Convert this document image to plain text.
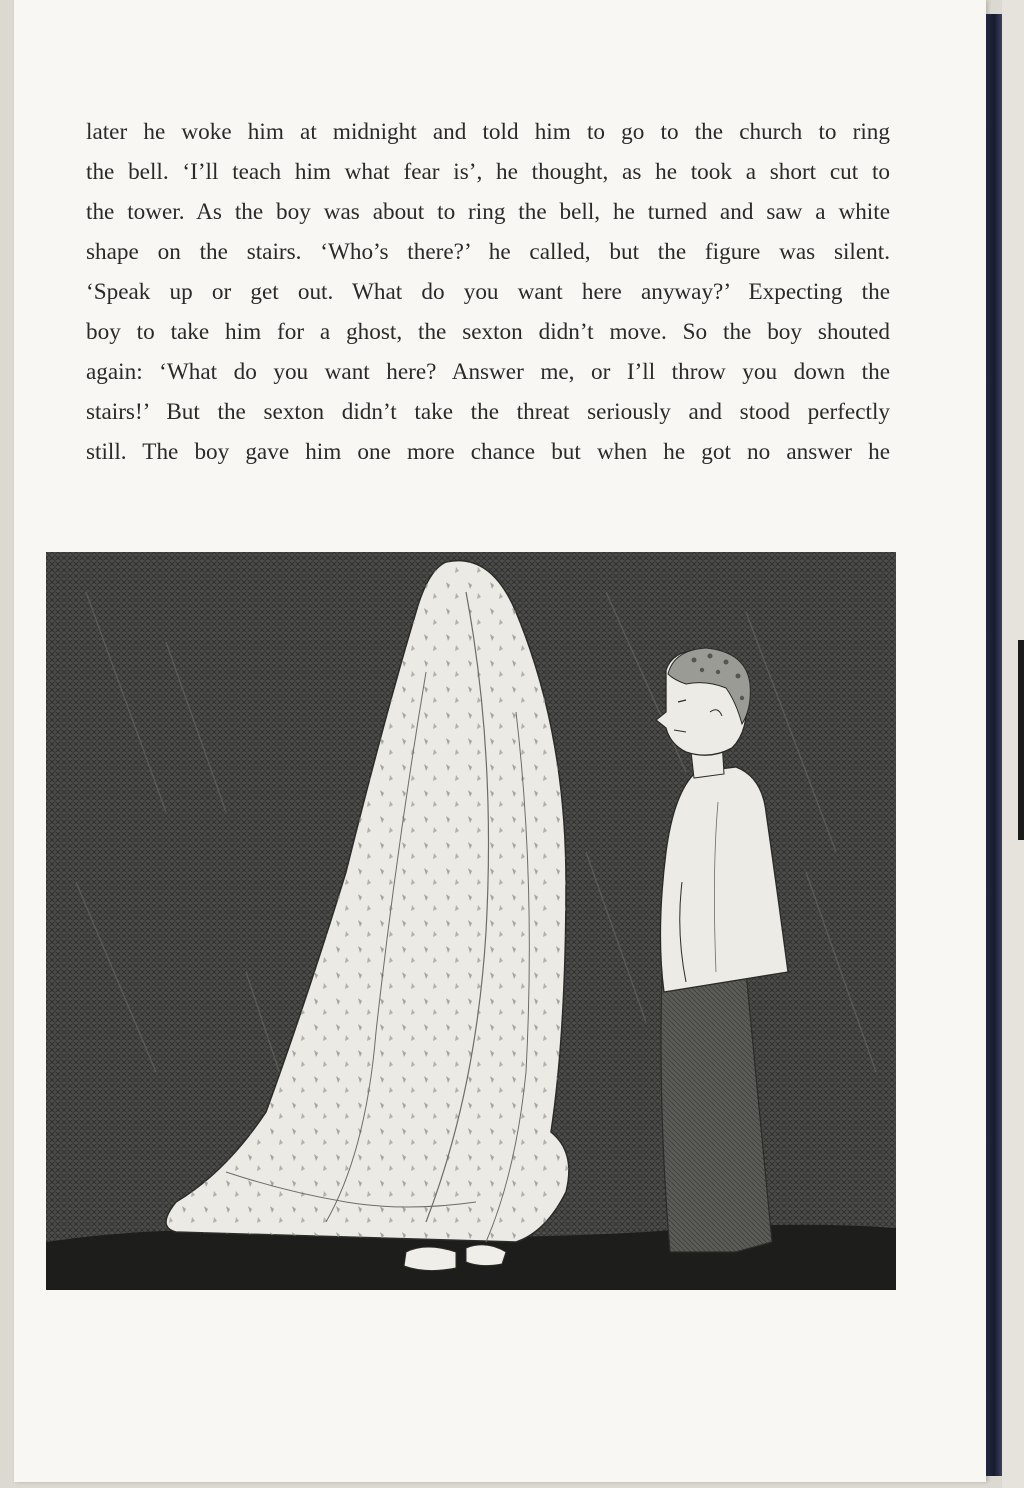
later he woke him at midnight and told him to go to the church to ring
the bell. ‘I’ll teach him what fear is’, he thought, as he took a short cut to
the tower. As the boy was about to ring the bell, he turned and saw a white
shape on the stairs. ‘Who’s there?’ he called, but the figure was silent.
‘Speak up or get out. What do you want here anyway?’ Expecting the
boy to take him for a ghost, the sexton didn’t move. So the boy shouted
again: ‘What do you want here? Answer me, or I’ll throw you down the
stairs!’ But the sexton didn’t take the threat seriously and stood perfectly
still. The boy gave him one more chance but when he got no answer he
